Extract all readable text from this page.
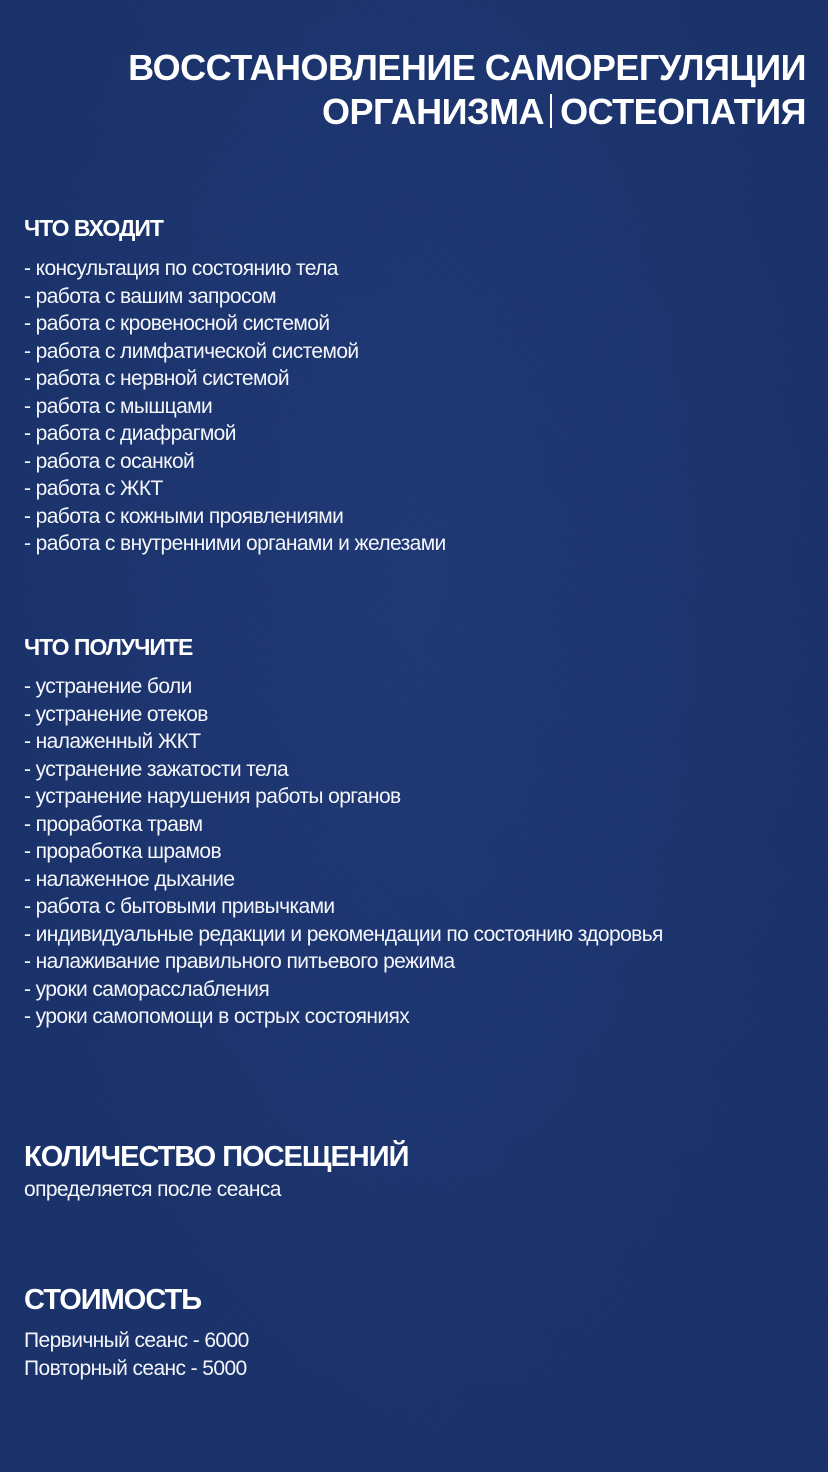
ВОССТАНОВЛЕНИЕ САМОРЕГУЛЯЦИИ
ОРГАНИЗМА ОСТЕОПАТИЯ
ЧТО ВХОДИТ
- консультация по состоянию тела
- работа с вашим запросом
- работа с кровеносной системой
- работа с лимфатической системой
- работа с нервной системой
- работа с мышцами
- работа с диафрагмой
- работа с осанкой
- работа с ЖКТ
- работа с кожными проявлениями
- работа с внутренними органами и железами
ЧТО ПОЛУЧИТЕ
- устранение боли
- устранение отеков
- налаженный ЖКТ
- устранение зажатости тела
- устранение нарушения работы органов
- проработка травм
- проработка шрамов
- налаженное дыхание
- работа с бытовыми привычками
- индивидуальные редакции и рекомендации по состоянию здоровья
- налаживание правильного питьевого режима
- уроки саморасслабления
- уроки самопомощи в острых состояниях
КОЛИЧЕСТВО ПОСЕЩЕНИЙ
определяется после сеанса
СТОИМОСТЬ
Первичный сеанс - 6000
Повторный сеанс - 5000
